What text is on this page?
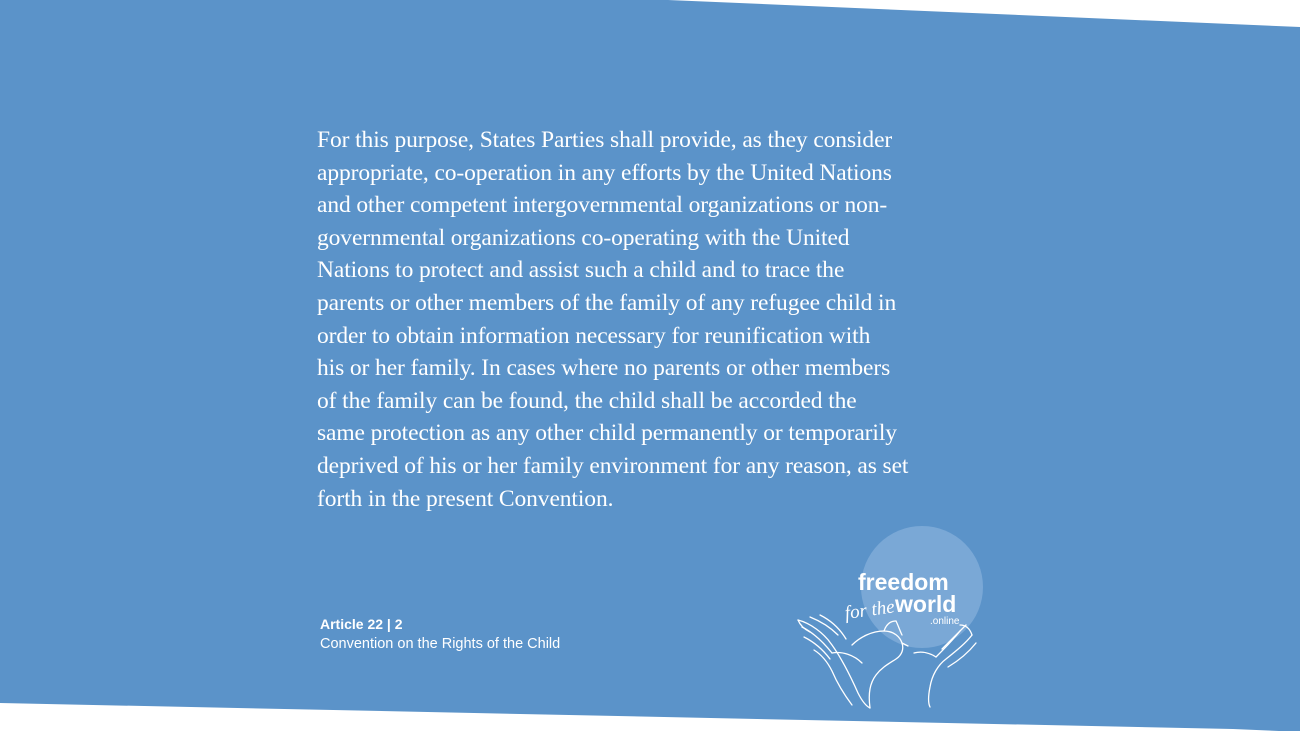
For this purpose, States Parties shall provide, as they consider
appropriate, co-operation in any efforts by the United Nations
and other competent intergovernmental organizations or non-
governmental organizations co-operating with the United
Nations to protect and assist such a child and to trace the
parents or other members of the family of any refugee child in
order to obtain information necessary for reunification with
his or her family. In cases where no parents or other members
of the family can be found, the child shall be accorded the
same protection as any other child permanently or temporarily
deprived of his or her family environment for any reason, as set
forth in the present Convention.

Article 22 | 2
Convention on the Rights of the Child
freedom
for the world
.online
